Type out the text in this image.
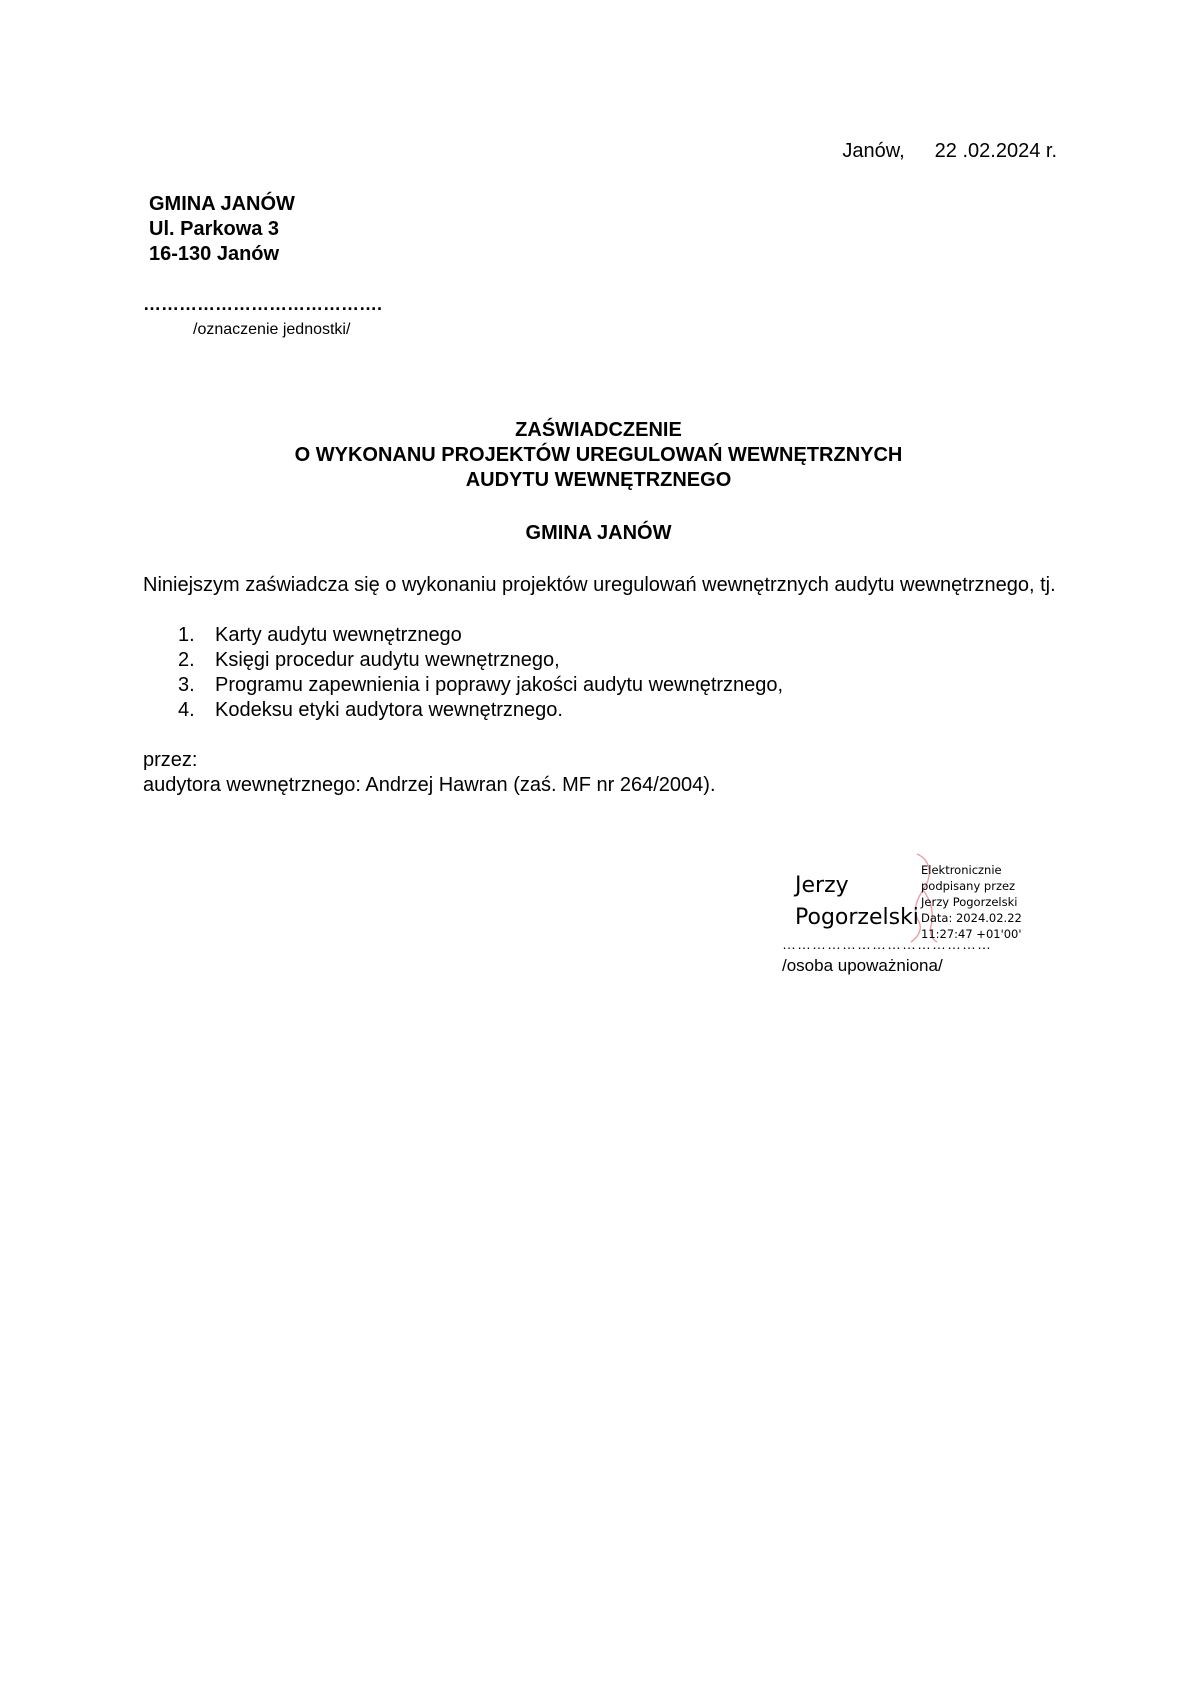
Janów, 22 .02.2024 r.
GMINA JANÓW
Ul. Parkowa 3
16-130 Janów
………………………………….
/oznaczenie jednostki/
ZAŚWIADCZENIE
O WYKONANU PROJEKTÓW UREGULOWAŃ WEWNĘTRZNYCH
AUDYTU WEWNĘTRZNEGO
GMINA JANÓW
Niniejszym zaświadcza się o wykonaniu projektów uregulowań wewnętrznych audytu wewnętrznego, tj.
1.	Karty audytu wewnętrznego
2.	Księgi procedur audytu wewnętrznego,
3.	Programu zapewnienia i poprawy jakości audytu wewnętrznego,
4.	Kodeksu etyki audytora wewnętrznego.
przez:
audytora wewnętrznego: Andrzej Hawran (zaś. MF nr 264/2004).
Jerzy
Pogorzelski
Elektronicznie
podpisany przez
Jerzy Pogorzelski
Data: 2024.02.22
11:27:47 +01'00'
……………………………………
/osoba upoważniona/
